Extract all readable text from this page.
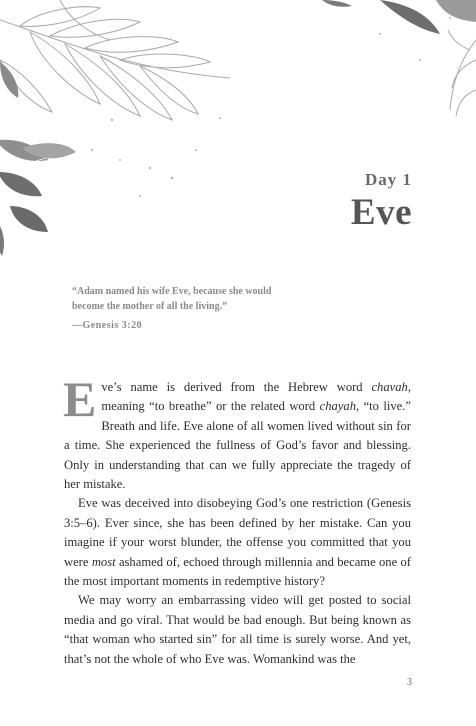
Day 1
Eve
“Adam named his wife Eve, because she would
become the mother of all the living.”
—Genesis 3:20

Eve’s name is derived from the Hebrew word chavah, meaning “to breathe” or the related word chayah, “to live.” Breath and life. Eve alone of all women lived without sin for a time. She experienced the fullness of God’s favor and blessing. Only in understanding that can we fully appreciate the tragedy of her mistake.

Eve was deceived into disobeying God’s one restriction (Genesis 3:5–6). Ever since, she has been defined by her mistake. Can you imagine if your worst blunder, the offense you committed that you were most ashamed of, echoed through millennia and became one of the most important moments in redemptive history?

We may worry an embarrassing video will get posted to social media and go viral. That would be bad enough. But being known as “that woman who started sin” for all time is surely worse. And yet, that’s not the whole of who Eve was. Womankind was the

3
